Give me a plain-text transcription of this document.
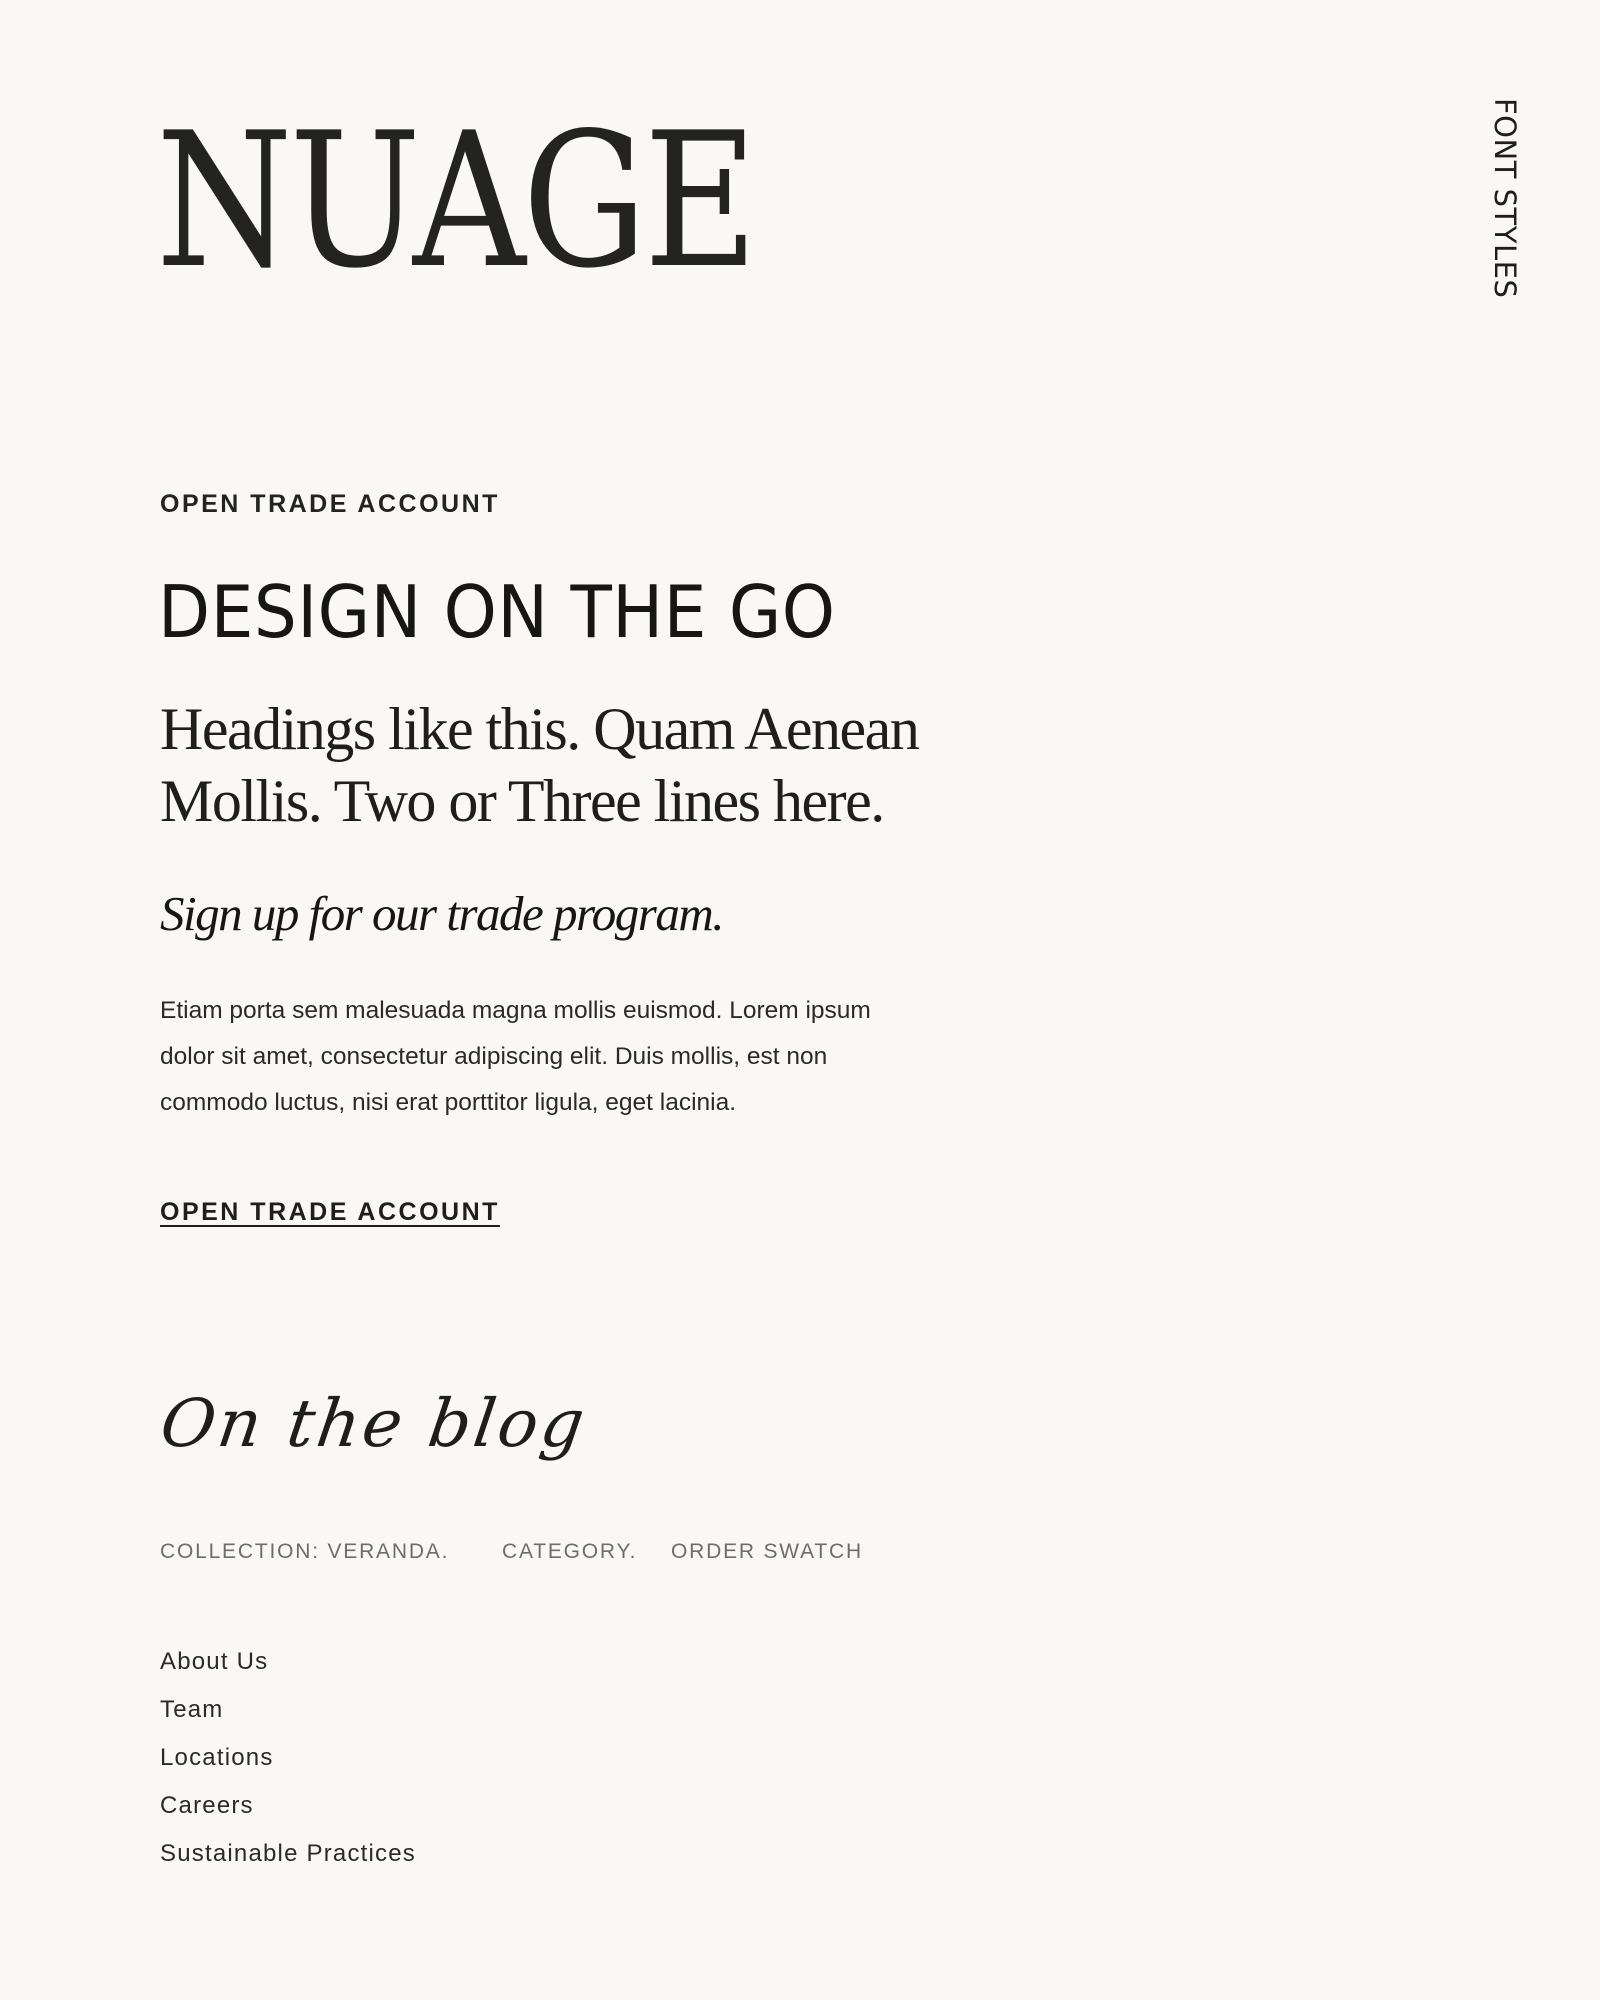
NUAGE	FONT STYLES
OPEN TRADE ACCOUNT
DESIGN ON THE GO
Headings like this. Quam Aenean Mollis. Two or Three lines here.

Sign up for our trade program.

Etiam porta sem malesuada magna mollis euismod. Lorem ipsum dolor sit amet, consectetur adipiscing elit. Duis mollis, est non commodo luctus, nisi erat porttitor ligula, eget lacinia.

OPEN TRADE ACCOUNT
On the blog
COLLECTION: VERANDA.	CATEGORY. ORDER SWATCH
About Us
Team
Locations
Careers
Sustainable Practices
